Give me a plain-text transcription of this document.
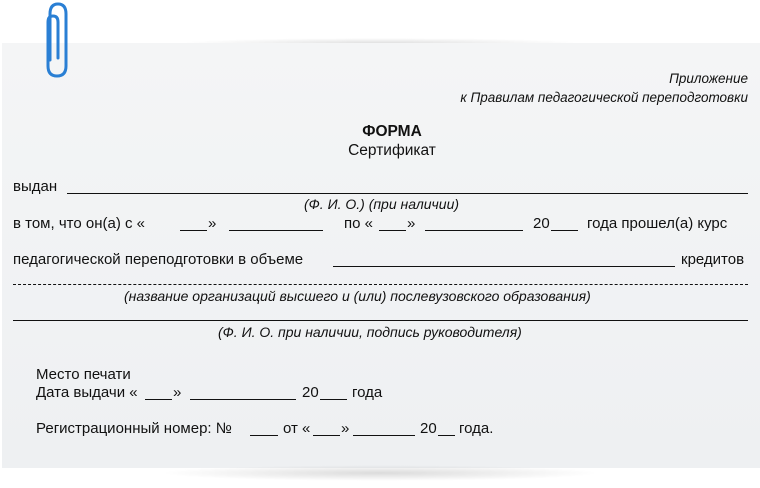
Приложение
к Правилам педагогической переподготовки
ФОРМА
Сертификат
выдан
(Ф. И. О.) (при наличии)
в том, что он(а) с «	»	по « »	20 года прошел(а) курс
педагогической переподготовки в объеме	кредитов
(название организаций высшего и (или) послевузовского образования)
(Ф. И. О. при наличии, подпись руководителя)
Место печати
Дата выдачи « »	20 года
Регистрационный номер: №	от « »	20 года.
